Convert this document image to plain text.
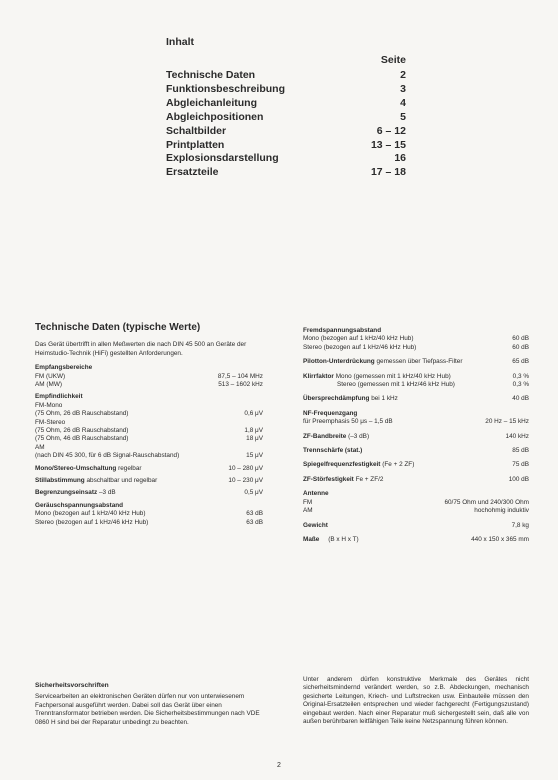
Inhalt
Seite
Technische Daten	2
Funktionsbeschreibung	3
Abgleichanleitung	4
Abgleichpositionen	5
Schaltbilder	6 – 12
Printplatten	13 – 15
Explosionsdarstellung	16
Ersatzteile	17 – 18
Technische Daten (typische Werte)
Das Gerät übertrifft in allen Meßwerten die nach DIN 45 500 an Geräte der Heimstudio-Technik (HiFi) gestellten Anforderungen.
Empfangsbereiche
FM (UKW)	87,5 – 104 MHz
AM (MW)	513 – 1602 kHz
Empfindlichkeit
FM-Mono
(75 Ohm, 26 dB Rauschabstand)	0,6 μV
FM-Stereo
(75 Ohm, 26 dB Rauschabstand)	1,8 μV
(75 Ohm, 46 dB Rauschabstand)	18 μV
AM
(nach DIN 45 300, für 6 dB Signal-Rauschabstand)	15 μV
Mono/Stereo-Umschaltung regelbar	10 – 280 μV
Stillabstimmung abschaltbar und regelbar	10 – 230 μV
Begrenzungseinsatz –3 dB	0,5 μV
Geräuschspannungsabstand
Mono (bezogen auf 1 kHz/40 kHz Hub)	63 dB
Stereo (bezogen auf 1 kHz/46 kHz Hub)	63 dB
Fremdspannungsabstand
Mono (bezogen auf 1 kHz/40 kHz Hub)	60 dB
Stereo (bezogen auf 1 kHz/46 kHz Hub)	60 dB
Pilotton-Unterdrückung gemessen über Tiefpass-Filter	65 dB
Klirrfaktor Mono (gemessen mit 1 kHz/40 kHz Hub)	0,3 %
Stereo (gemessen mit 1 kHz/46 kHz Hub)	0,3 %
Übersprechdämpfung bei 1 kHz	40 dB
NF-Frequenzgang
für Preemphasis 50 μs – 1,5 dB	20 Hz – 15 kHz
ZF-Bandbreite (–3 dB)	140 kHz
Trennschärfe (stat.)	85 dB
Spiegelfrequenzfestigkeit (Fe + 2 ZF)	75 dB
ZF-Störfestigkeit Fe + ZF/2	100 dB
Antenne
FM	60/75 Ohm und 240/300 Ohm
AM	hochohmig induktiv
Gewicht	7,8 kg
Maße (B x H x T)	440 x 150 x 365 mm
Sicherheitsvorschriften
Servicearbeiten an elektronischen Geräten dürfen nur von unterwiesenem Fachpersonal ausgeführt werden. Dabei soll das Gerät über einen Trenntransformator betrieben werden. Die Sicherheitsbestimmungen nach VDE 0860 H sind bei der Reparatur unbedingt zu beachten.
Unter anderem dürfen konstruktive Merkmale des Gerätes nicht sicherheitsmindernd verändert werden, so z.B. Abdeckungen, mechanisch gesicherte Leitungen, Kriech- und Luftstrecken usw. Einbauteile müssen den Original-Ersatzteilen entsprechen und wieder fachgerecht (Fertigungszustand) eingebaut werden. Nach einer Reparatur muß sichergestellt sein, daß alle von außen berührbaren leitfähigen Teile keine Netzspannung führen können.
2
